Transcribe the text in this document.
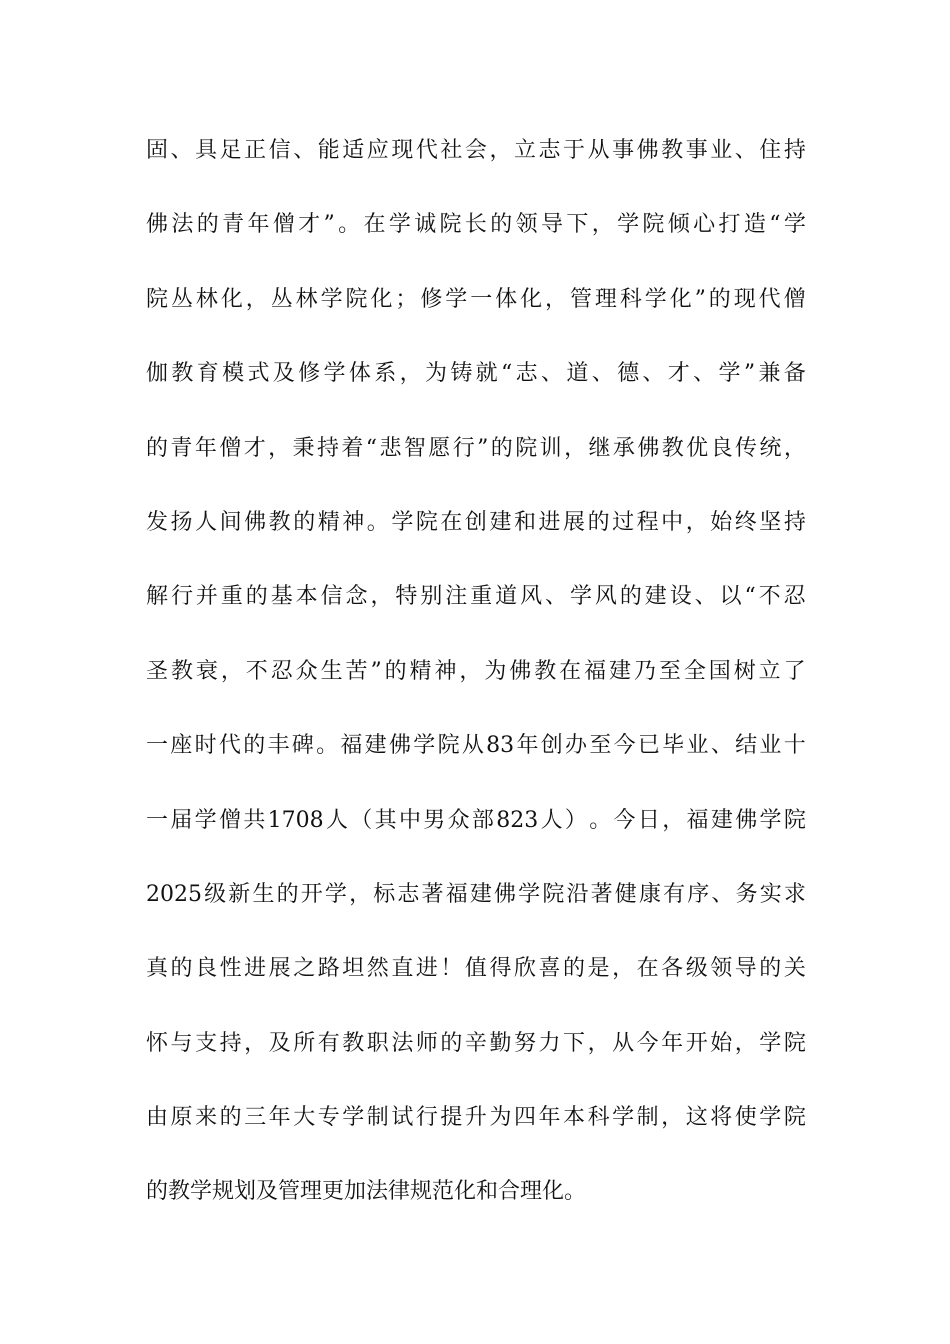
固 、 具 足 正 信 、 能 适 应 现 代 社 会 ， 立 志 于 从 事 佛 教 事 业 、 住 持
佛 法 的 青 年 僧 才 ” 。 在 学 诚 院 长 的 领 导 下 ， 学 院 倾 心 打 造 “ 学
院 丛 林 化 ， 丛 林 学 院 化 ； 修 学 一 体 化 ， 管 理 科 学 化 ” 的 现 代 僧
伽 教 育 模 式 及 修 学 体 系 ， 为 铸 就 “ 志 、 道 、 德 、 才 、 学 ” 兼 备
的 青 年 僧 才 ， 秉 持 着 “ 悲 智 愿 行 ” 的 院 训 ， 继 承 佛 教 优 良 传 统 ，
发 扬 人 间 佛 教 的 精 神 。 学 院 在 创 建 和 进 展 的 过 程 中 ， 始 终 坚 持
解 行 并 重 的 基 本 信 念 ， 特 别 注 重 道 风 、 学 风 的 建 设 、 以 “ 不 忍
圣 教 衰 ， 不 忍 众 生 苦 ” 的 精 神 ， 为 佛 教 在 福 建 乃 至 全 国 树 立 了
一 座 时 代 的 丰 碑 。 福 建 佛 学 院 从 83 年 创 办 至 今 已 毕 业 、 结 业 十
一 届 学 僧 共 1708 人 （ 其 中 男 众 部 823 人 ） 。 今 日 ， 福 建 佛 学 院
2025 级 新 生 的 开 学 ， 标 志 著 福 建 佛 学 院 沿 著 健 康 有 序 、 务 实 求
真 的 良 性 进 展 之 路 坦 然 直 进 ！ 值 得 欣 喜 的 是 ， 在 各 级 领 导 的 关
怀 与 支 持 ， 及 所 有 教 职 法 师 的 辛 勤 努 力 下 ， 从 今 年 开 始 ， 学 院
由 原 来 的 三 年 大 专 学 制 试 行 提 升 为 四 年 本 科 学 制 ， 这 将 使 学 院
的教学规划及管理更加法律规范化和合理化。
